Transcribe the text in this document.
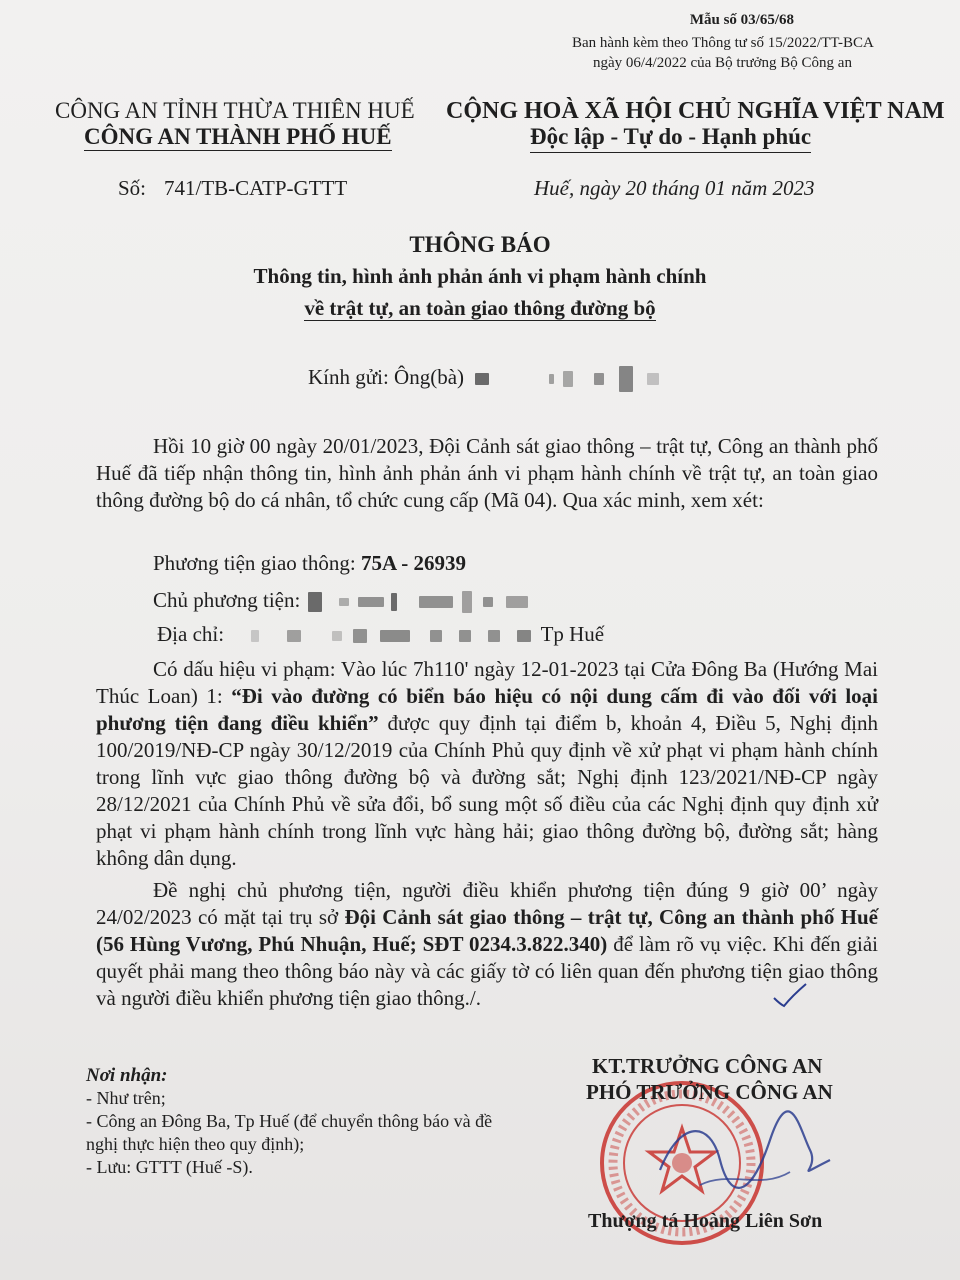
Mẫu số 03/65/68
Ban hành kèm theo Thông tư số 15/2022/TT-BCA
ngày 06/4/2022 của Bộ trưởng Bộ Công an
CÔNG AN TỈNH THỪA THIÊN HUẾ
CÔNG AN THÀNH PHỐ HUẾ
CỘNG HOÀ XÃ HỘI CHỦ NGHĨA VIỆT NAM
Độc lập - Tự do - Hạnh phúc
Số: 741/TB-CATP-GTTT	Huế, ngày 20 tháng 01 năm 2023
THÔNG BÁO
Thông tin, hình ảnh phản ánh vi phạm hành chính
về trật tự, an toàn giao thông đường bộ
Kính gửi: Ông(bà)
Hồi 10 giờ 00 ngày 20/01/2023, Đội Cảnh sát giao thông – trật tự, Công an thành phố Huế đã tiếp nhận thông tin, hình ảnh phản ánh vi phạm hành chính về trật tự, an toàn giao thông đường bộ do cá nhân, tổ chức cung cấp (Mã 04). Qua xác minh, xem xét:
Phương tiện giao thông: 75A - 26939
Chủ phương tiện:
Địa chỉ:	Tp Huế
Có dấu hiệu vi phạm: Vào lúc 7h110' ngày 12-01-2023 tại Cửa Đông Ba (Hướng Mai Thúc Loan) 1: “Đi vào đường có biển báo hiệu có nội dung cấm đi vào đối với loại phương tiện đang điều khiển” được quy định tại điểm b, khoản 4, Điều 5, Nghị định 100/2019/NĐ-CP ngày 30/12/2019 của Chính Phủ quy định về xử phạt vi phạm hành chính trong lĩnh vực giao thông đường bộ và đường sắt; Nghị định 123/2021/NĐ-CP ngày 28/12/2021 của Chính Phủ về sửa đổi, bổ sung một số điều của các Nghị định quy định xử phạt vi phạm hành chính trong lĩnh vực hàng hải; giao thông đường bộ, đường sắt; hàng không dân dụng.
Đề nghị chủ phương tiện, người điều khiển phương tiện đúng 9 giờ 00’ ngày 24/02/2023 có mặt tại trụ sở Đội Cảnh sát giao thông – trật tự, Công an thành phố Huế (56 Hùng Vương, Phú Nhuận, Huế; SĐT 0234.3.822.340) để làm rõ vụ việc. Khi đến giải quyết phải mang theo thông báo này và các giấy tờ có liên quan đến phương tiện giao thông và người điều khiển phương tiện giao thông./.
Nơi nhận:
- Như trên;
- Công an Đông Ba, Tp Huế (để chuyển thông báo và đề nghị thực hiện theo quy định);
- Lưu: GTTT (Huế -S).
KT.TRƯỞNG CÔNG AN
PHÓ TRƯỞNG CÔNG AN
Thượng tá Hoàng Liên Sơn
